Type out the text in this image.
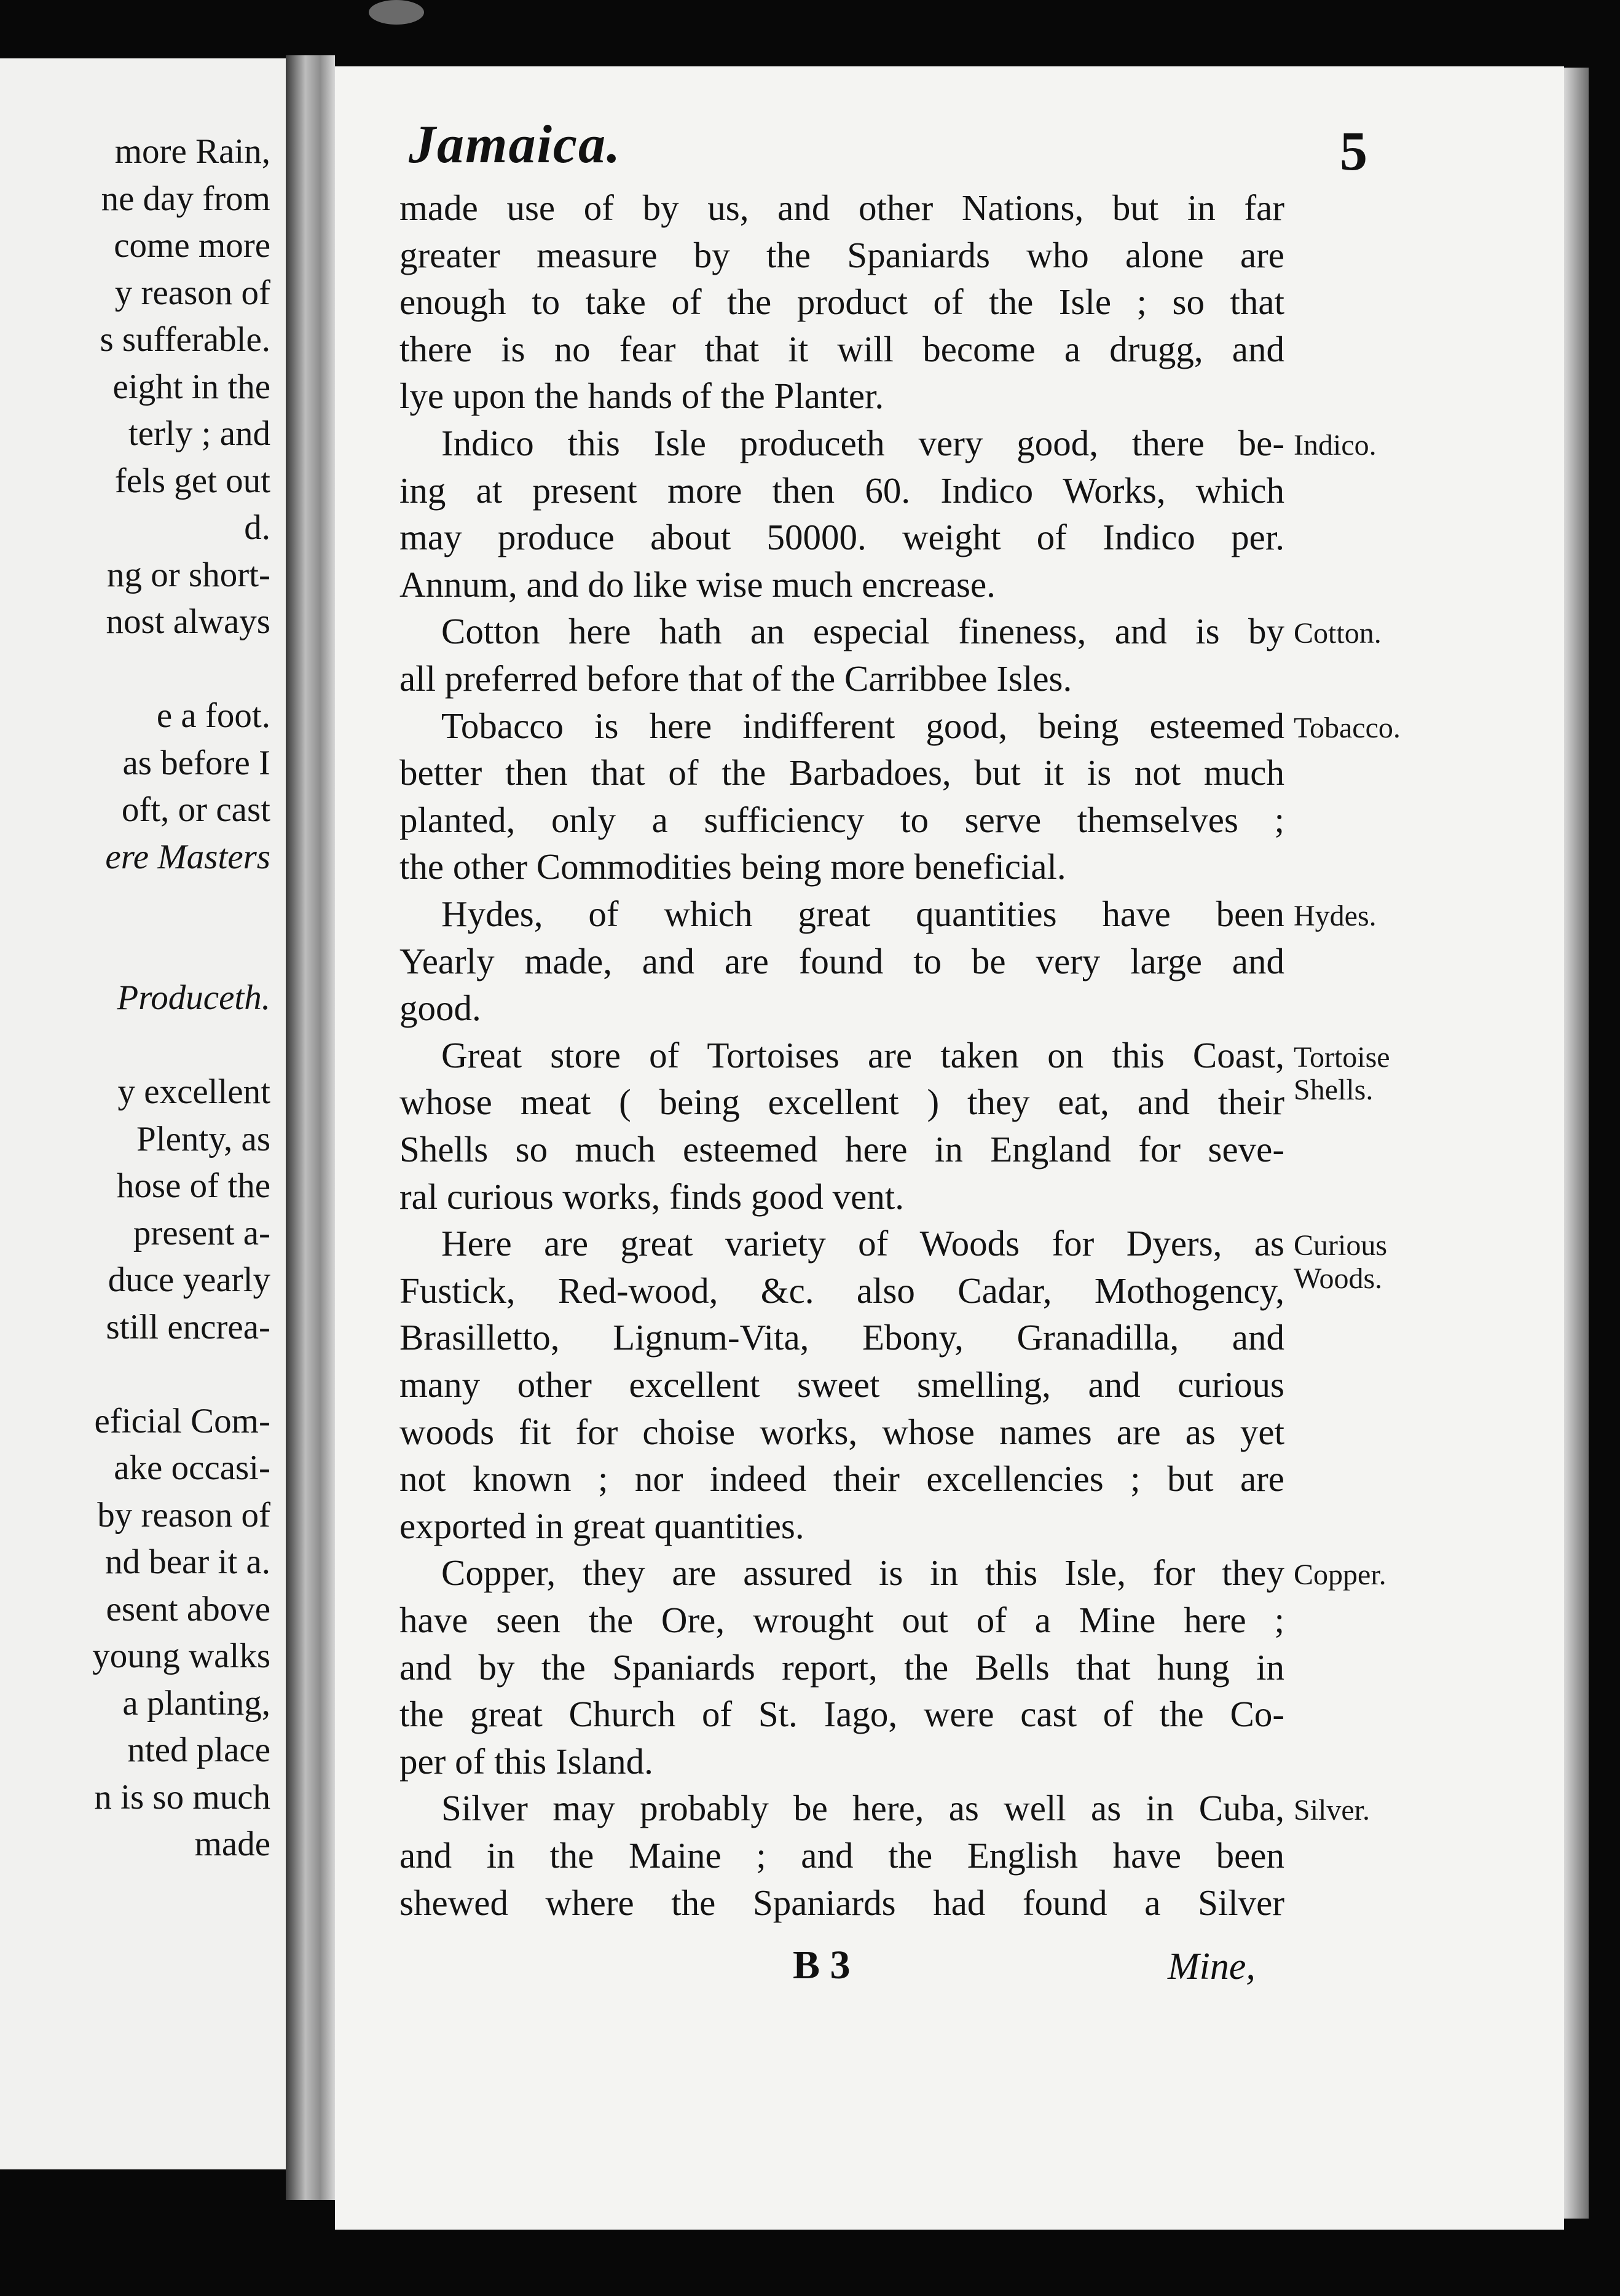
more Rain,
ne day from
come more
y reason of
s sufferable.
eight in the
terly ; and
fels get out
d.
ng or short-
nost always
e a foot.
as before I
oft, or cast
ere Masters
Produceth.
y excellent
Plenty, as
hose of the
present a-
duce yearly
still encrea-
eficial Com-
ake occasi-
by reason of
nd bear it a.
esent above
young walks
a planting,
nted place
n is so much
made
Jamaica.	5
made use of by us, and other Nations, but in far
greater measure by the Spaniards who alone are
enough to take of the product of the Isle ; so that
there is no fear that it will become a drugg, and
lye upon the hands of the Planter.
Indico this Isle produceth very good, there be-
ing at present more then 60. Indico Works, which
may produce about 50000. weight of Indico per.
Annum, and do like wise much encrease.
Cotton here hath an especial fineness, and is by
all preferred before that of the Carribbee Isles.
Tobacco is here indifferent good, being esteemed
better then that of the Barbadoes, but it is not much
planted, only a sufficiency to serve themselves ;
the other Commodities being more beneficial.
Hydes, of which great quantities have been
Yearly made, and are found to be very large and
good.
Great store of Tortoises are taken on this Coast,
whose meat ( being excellent ) they eat, and their
Shells so much esteemed here in England for seve-
ral curious works, finds good vent.
Here are great variety of Woods for Dyers, as
Fustick, Red-wood, &c. also Cadar, Mothogency,
Brasilletto, Lignum-Vita, Ebony, Granadilla, and
many other excellent sweet smelling, and curious
woods fit for choise works, whose names are as yet
not known ; nor indeed their excellencies ; but are
exported in great quantities.
Copper, they are assured is in this Isle, for they
have seen the Ore, wrought out of a Mine here ;
and by the Spaniards report, the Bells that hung in
the great Church of St. Iago, were cast of the Co-
per of this Island.
Silver may probably be here, as well as in Cuba,
and in the Maine ; and the English have been
shewed where the Spaniards had found a Silver
Indico.
Cotton.
Tobacco.
Hydes.
Tortoise
Shells.
Curious
Woods.
Copper.
Silver.
B 3	Mine,
